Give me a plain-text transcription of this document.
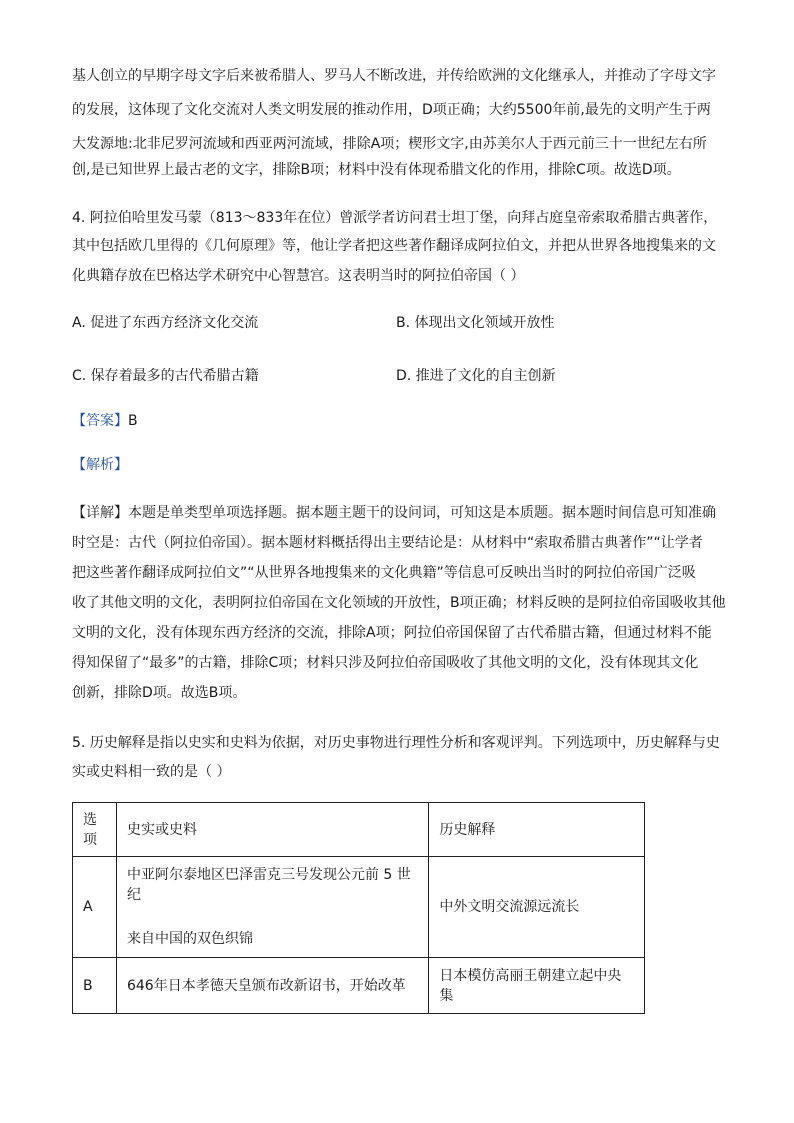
基人创立的早期字母文字后来被希腊人、罗马人不断改进，并传给欧洲的文化继承人，并推动了字母文字
的发展，这体现了文化交流对人类文明发展的推动作用，D项正确；大约5500年前,最先的文明产生于两
大发源地:北非尼罗河流域和西亚两河流域，排除A项；楔形文字,由苏美尔人于西元前三十一世纪左右所
创,是已知世界上最古老的文字，排除B项；材料中没有体现希腊文化的作用，排除C项。故选D项。
4. 阿拉伯哈里发马蒙（813～833年在位）曾派学者访问君士坦丁堡，向拜占庭皇帝索取希腊古典著作，
其中包括欧几里得的《几何原理》等，他让学者把这些著作翻译成阿拉伯文，并把从世界各地搜集来的文
化典籍存放在巴格达学术研究中心智慧宫。这表明当时的阿拉伯帝国（ ）
A. 促进了东西方经济文化交流	B. 体现出文化领域开放性
C. 保存着最多的古代希腊古籍	D. 推进了文化的自主创新
【答案】B
【解析】
【详解】本题是单类型单项选择题。据本题主题干的设问词，可知这是本质题。据本题时间信息可知准确
时空是：古代（阿拉伯帝国）。据本题材料概括得出主要结论是：从材料中“索取希腊古典著作”“让学者
把这些著作翻译成阿拉伯文”“从世界各地搜集来的文化典籍”等信息可反映出当时的阿拉伯帝国广泛吸
收了其他文明的文化，表明阿拉伯帝国在文化领域的开放性，B项正确；材料反映的是阿拉伯帝国吸收其他
文明的文化，没有体现东西方经济的交流，排除A项；阿拉伯帝国保留了古代希腊古籍，但通过材料不能
得知保留了“最多”的古籍，排除C项；材料只涉及阿拉伯帝国吸收了其他文明的文化，没有体现其文化
创新，排除D项。故选B项。
5. 历史解释是指以史实和史料为依据，对历史事物进行理性分析和客观评判。下列选项中，历史解释与史
实或史料相一致的是（ ）
选项	史实或史料	历史解释
A	中亚阿尔泰地区巴泽雷克三号发现公元前 5 世纪
来自中国的双色织锦	中外文明交流源远流长
B	646年日本孝德天皇颁布改新诏书，开始改革	日本模仿高丽王朝建立起中央集
